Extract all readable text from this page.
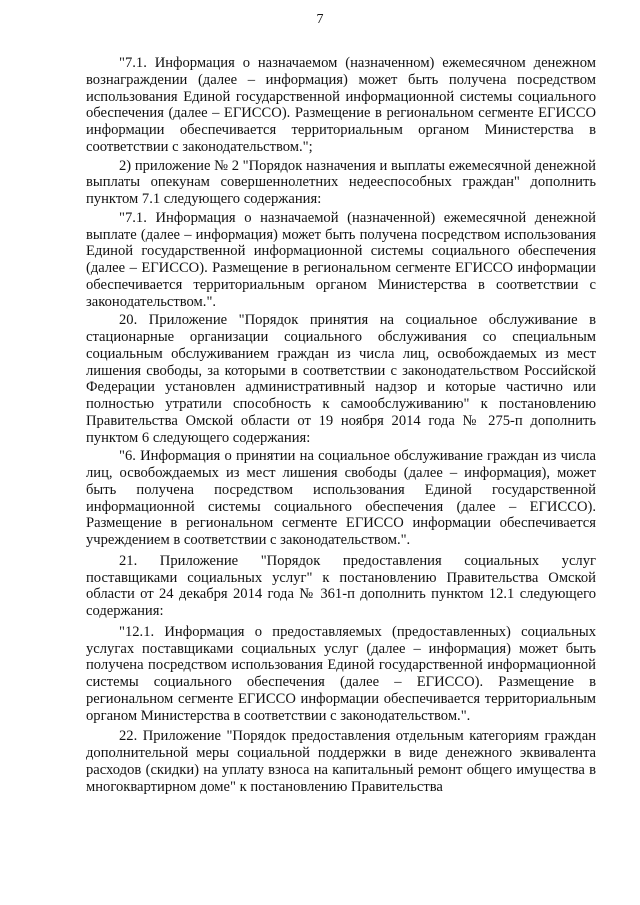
7

"7.1. Информация о назначаемом (назначенном) ежемесячном денежном вознаграждении (далее – информация) может быть получена посредством использования Единой государственной информационной системы социального обеспечения (далее – ЕГИССО). Размещение в региональном сегменте ЕГИССО информации обеспечивается территориальным органом Министерства в соответствии с законодательством.";

2) приложение № 2 "Порядок назначения и выплаты ежемесячной денежной выплаты опекунам совершеннолетних недееспособных граждан" дополнить пунктом 7.1 следующего содержания:

"7.1. Информация о назначаемой (назначенной) ежемесячной денежной выплате (далее – информация) может быть получена посредством использования Единой государственной информационной системы социального обеспечения (далее – ЕГИССО). Размещение в региональном сегменте ЕГИССО информации обеспечивается территориальным органом Министерства в соответствии с законодательством.".

20. Приложение "Порядок принятия на социальное обслуживание в стационарные организации социального обслуживания со специальным социальным обслуживанием граждан из числа лиц, освобождаемых из мест лишения свободы, за которыми в соответствии с законодательством Российской Федерации установлен административный надзор и которые частично или полностью утратили способность к самообслуживанию" к постановлению Правительства Омской области от 19 ноября 2014 года № 275-п дополнить пунктом 6 следующего содержания:

"6. Информация о принятии на социальное обслуживание граждан из числа лиц, освобождаемых из мест лишения свободы (далее – информация), может быть получена посредством использования Единой государственной информационной системы социального обеспечения (далее – ЕГИССО). Размещение в региональном сегменте ЕГИССО информации обеспечивается учреждением в соответствии с законодательством.".

21. Приложение "Порядок предоставления социальных услуг поставщиками социальных услуг" к постановлению Правительства Омской области от 24 декабря 2014 года № 361-п дополнить пунктом 12.1 следующего содержания:

"12.1. Информация о предоставляемых (предоставленных) социальных услугах поставщиками социальных услуг (далее – информация) может быть получена посредством использования Единой государственной информационной системы социального обеспечения (далее – ЕГИССО). Размещение в региональном сегменте ЕГИССО информации обеспечивается территориальным органом Министерства в соответствии с законодательством.".

22. Приложение "Порядок предоставления отдельным категориям граждан дополнительной меры социальной поддержки в виде денежного эквивалента расходов (скидки) на уплату взноса на капитальный ремонт общего имущества в многоквартирном доме" к постановлению Правительства
